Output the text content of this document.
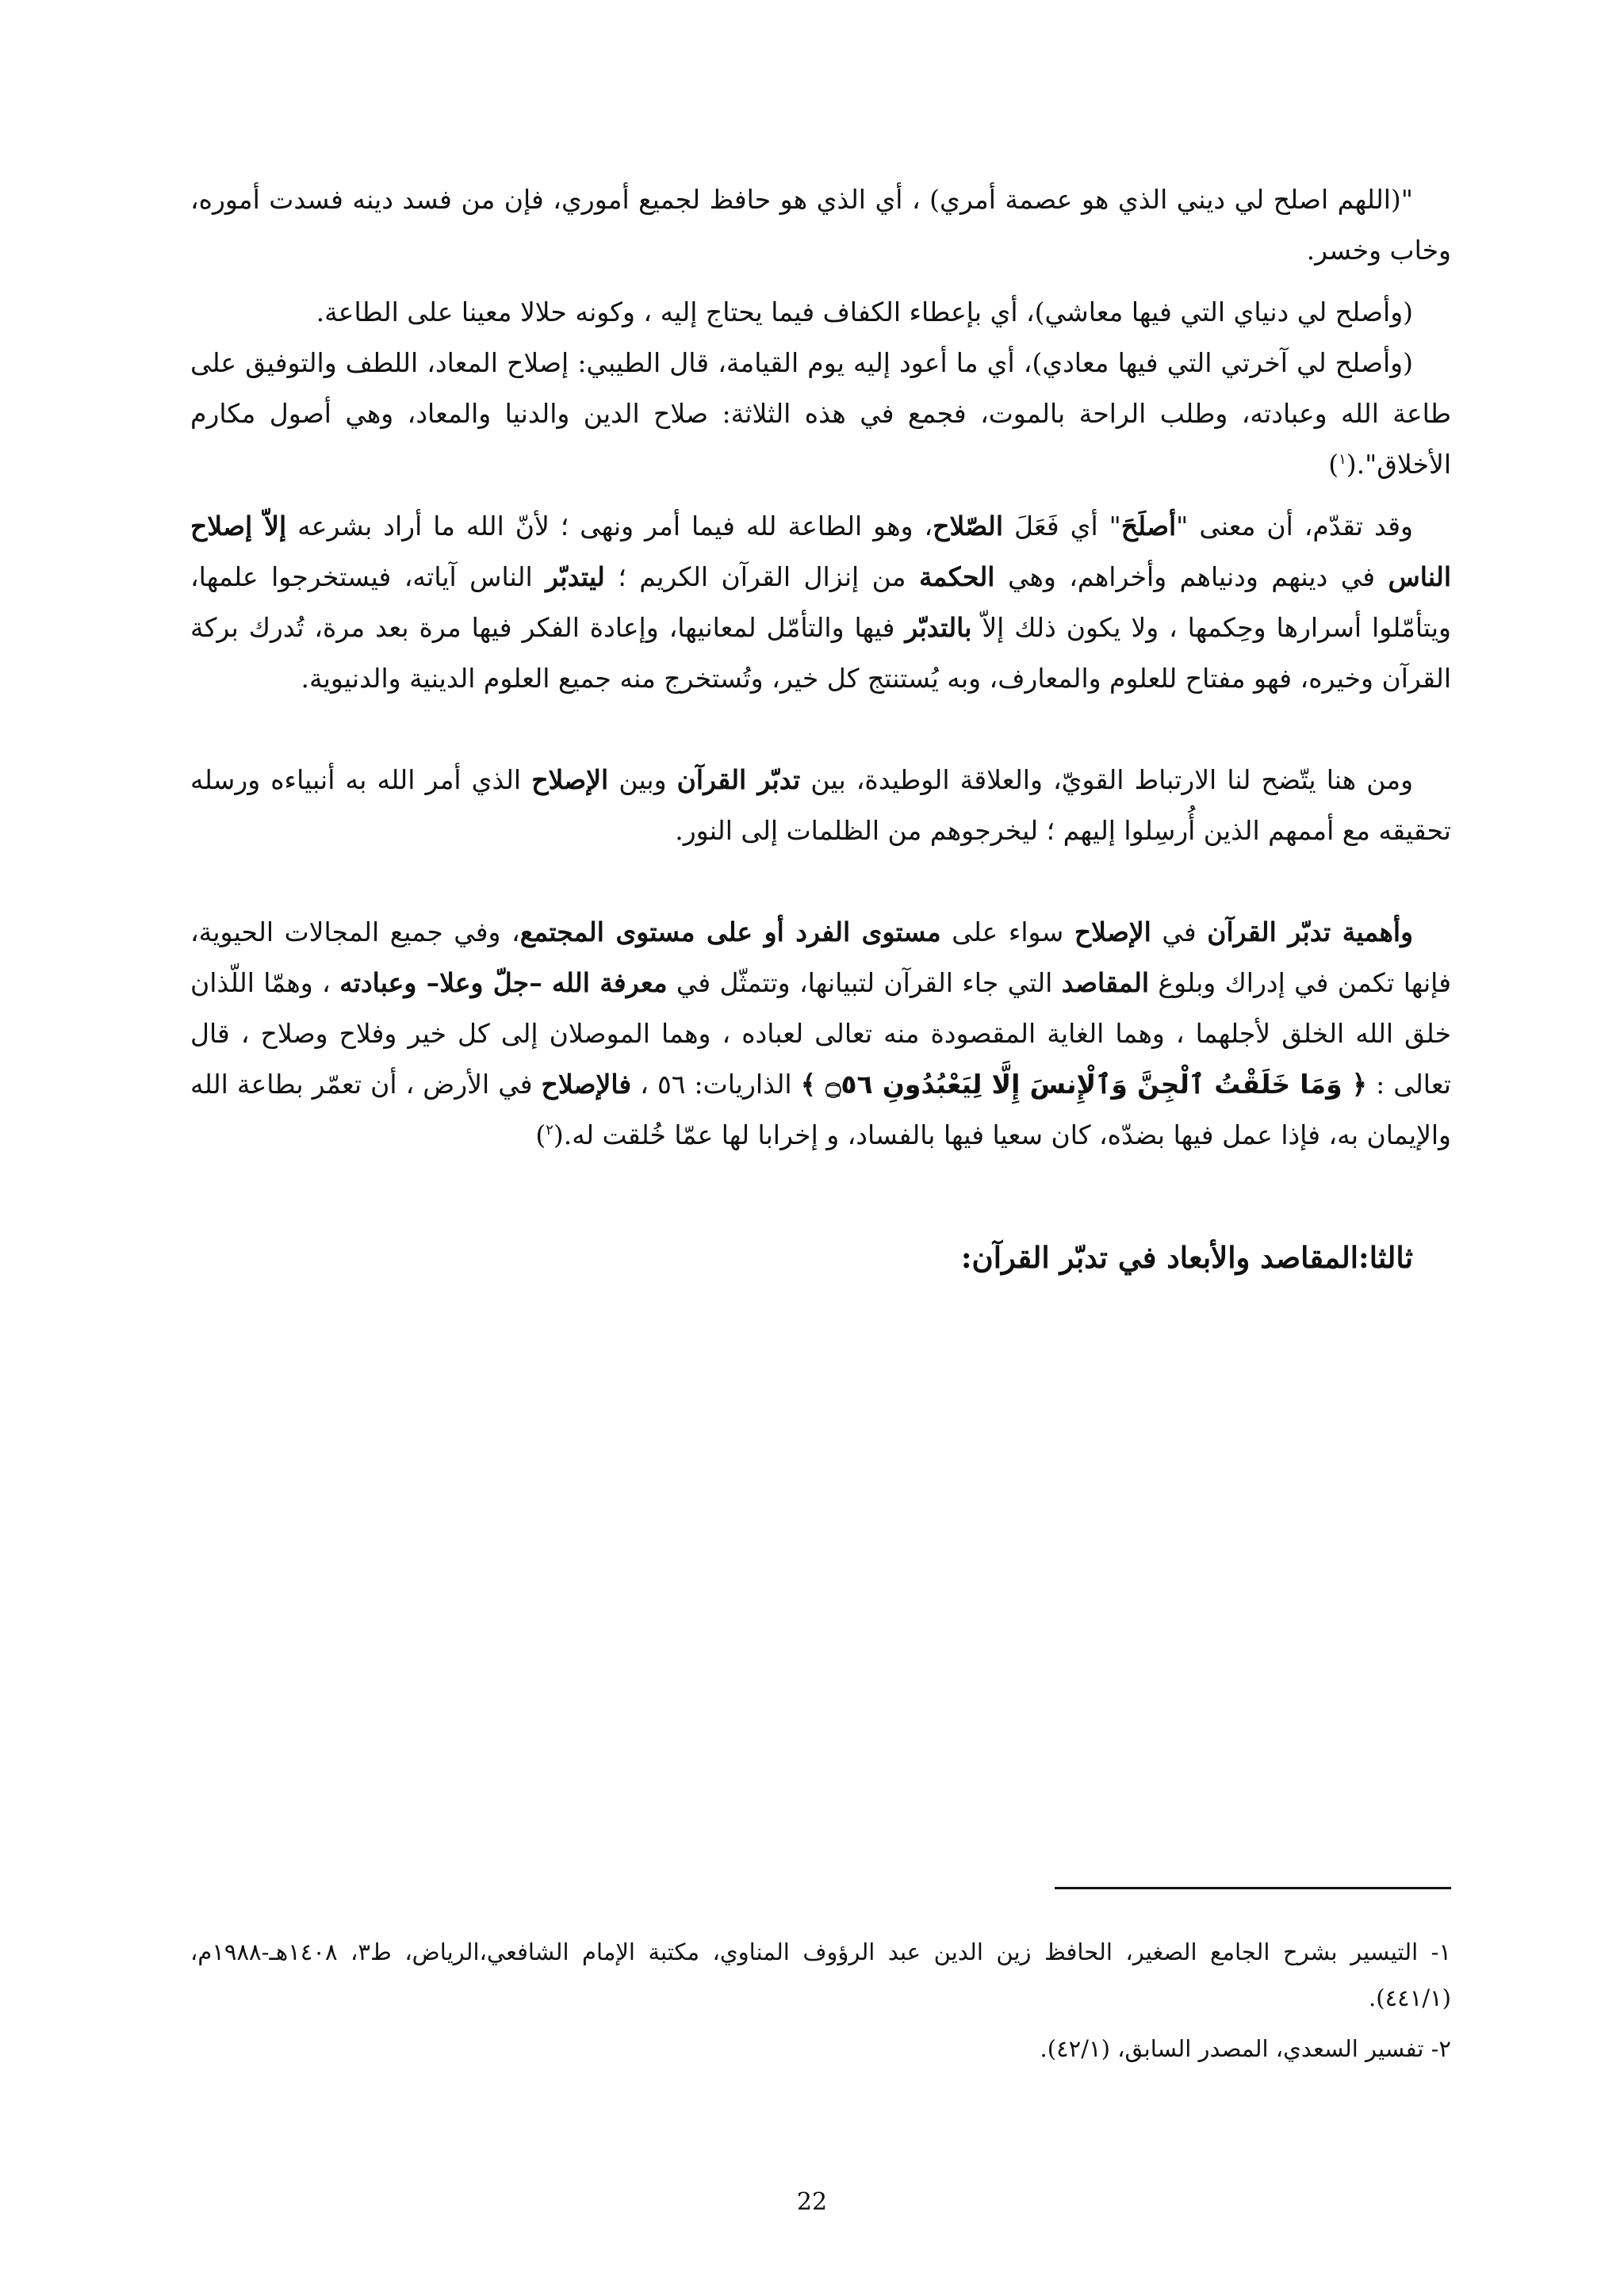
"(اللهم اصلح لي ديني الذي هو عصمة أمري) ، أي الذي هو حافظ لجميع أموري، فإن من فسد دينه فسدت أموره، وخاب وخسر.

(وأصلح لي دنياي التي فيها معاشي)، أي بإعطاء الكفاف فيما يحتاج إليه ، وكونه حلالا معينا على الطاعة.

(وأصلح لي آخرتي التي فيها معادي)، أي ما أعود إليه يوم القيامة، قال الطيبي: إصلاح المعاد، اللطف والتوفيق على طاعة الله وعبادته، وطلب الراحة بالموت، فجمع في هذه الثلاثة: صلاح الدين والدنيا والمعاد، وهي أصول مكارم الأخلاق".($^١$)

وقد تقدّم، أن معنى "أصلَحَ" أي فَعَلَ الصّلاح، وهو الطاعة لله فيما أمر ونهى ؛ لأنّ الله ما أراد بشرعه إلاّ إصلاح الناس في دينهم ودنياهم وأخراهم، وهي الحكمة من إنزال القرآن الكريم ؛ ليتدبّر الناس آياته، فيستخرجوا علمها، ويتأمّلوا أسرارها وحِكمها ، ولا يكون ذلك إلاّ بالتدبّر فيها والتأمّل لمعانيها، وإعادة الفكر فيها مرة بعد مرة، تُدرك بركة القرآن وخيره، فهو مفتاح للعلوم والمعارف، وبه يُستنتج كل خير، وتُستخرج منه جميع العلوم الدينية والدنيوية.

ومن هنا يتّضح لنا الارتباط القويّ، والعلاقة الوطيدة، بين تدبّر القرآن وبين الإصلاح الذي أمر الله به أنبياءه ورسله تحقيقه مع أممهم الذين أُرسِلوا إليهم ؛ ليخرجوهم من الظلمات إلى النور.

وأهمية تدبّر القرآن في الإصلاح سواء على مستوى الفرد أو على مستوى المجتمع، وفي جميع المجالات الحيوية، فإنها تكمن في إدراك وبلوغ المقاصد التي جاء القرآن لتبيانها، وتتمثّل في معرفة الله –جلّ وعلا– وعبادته ، وهمّا اللّذان خلق الله الخلق لأجلهما ، وهما الغاية المقصودة منه تعالى لعباده ، وهما الموصلان إلى كل خير وفلاح وصلاح ، قال تعالى : ﴿ وَمَا خَلَقْتُ ٱلْجِنَّ وَٱلْإِنسَ إِلَّا لِيَعْبُدُونِ ۝٥٦ ﴾ الذاريات: ٥٦ ، فالإصلاح في الأرض ، أن تعمّر بطاعة الله والإيمان به، فإذا عمل فيها بضدّه، كان سعيا فيها بالفساد، و إخرابا لها عمّا خُلقت له.($^٢$)

ثالثا:المقاصد والأبعاد في تدبّر القرآن:

١- التيسير بشرح الجامع الصغير، الحافظ زين الدين عبد الرؤوف المناوي، مكتبة الإمام الشافعي،الرياض، ط٣، ١٤٠٨هـ-١٩٨٨م، (٤٤١/١).

٢- تفسير السعدي، المصدر السابق، (٤٢/١).

22
